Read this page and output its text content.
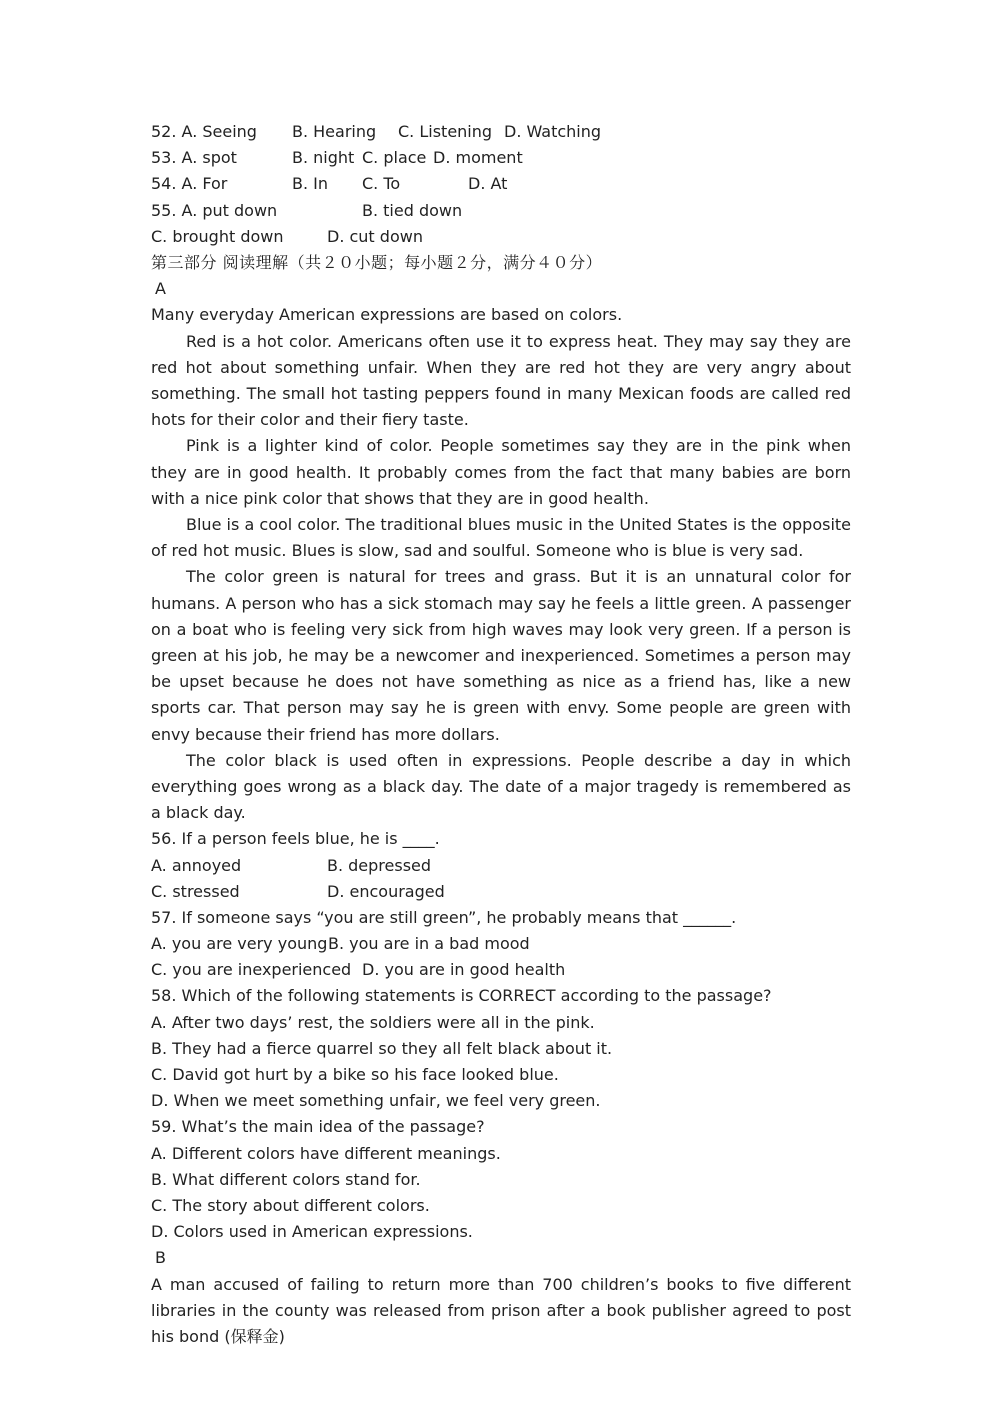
52. A. Seeing B. Hearing C. Listening D. Watching
53. A. spot	B. night C. place D. moment
54. A. For	B. In C. To	D. At
55. A. put down	B. tied down
C. brought down	D. cut down
第三部分 阅读理解（共２０小题；每小题２分，满分４０分）
A
Many everyday American expressions are based on colors.

Red is a hot color. Americans often use it to express heat. They may say they are red hot about something unfair. When they are red hot they are very angry about something. The small hot tasting peppers found in many Mexican foods are called red hots for their color and their fiery taste.

Pink is a lighter kind of color. People sometimes say they are in the pink when they are in good health. It probably comes from the fact that many babies are born with a nice pink color that shows that they are in good health.

Blue is a cool color. The traditional blues music in the United States is the opposite of red hot music. Blues is slow, sad and soulful. Someone who is blue is very sad.

The color green is natural for trees and grass. But it is an unnatural color for humans. A person who has a sick stomach may say he feels a little green. A passenger on a boat who is feeling very sick from high waves may look very green. If a person is green at his job, he may be a newcomer and inexperienced. Sometimes a person may be upset because he does not have something as nice as a friend has, like a new sports car. That person may say he is green with envy. Some people are green with envy because their friend has more dollars.

The color black is used often in expressions. People describe a day in which everything goes wrong as a black day. The date of a major tragedy is remembered as a black day.

56. If a person feels blue, he is ____.
A. annoyed	B. depressed
C. stressed	D. encouraged
57. If someone says “you are still green”, he probably means that ______.
A. you are very young B. you are in a bad mood
C. you are inexperienced D. you are in good health
58. Which of the following statements is CORRECT according to the passage?
A. After two days’ rest, the soldiers were all in the pink.
B. They had a fierce quarrel so they all felt black about it.
C. David got hurt by a bike so his face looked blue.
D. When we meet something unfair, we feel very green.
59. What’s the main idea of the passage?
A. Different colors have different meanings.
B. What different colors stand for.
C. The story about different colors.
D. Colors used in American expressions.
B

A man accused of failing to return more than 700 children’s books to five different libraries in the county was released from prison after a book publisher agreed to post his bond (保释金)
